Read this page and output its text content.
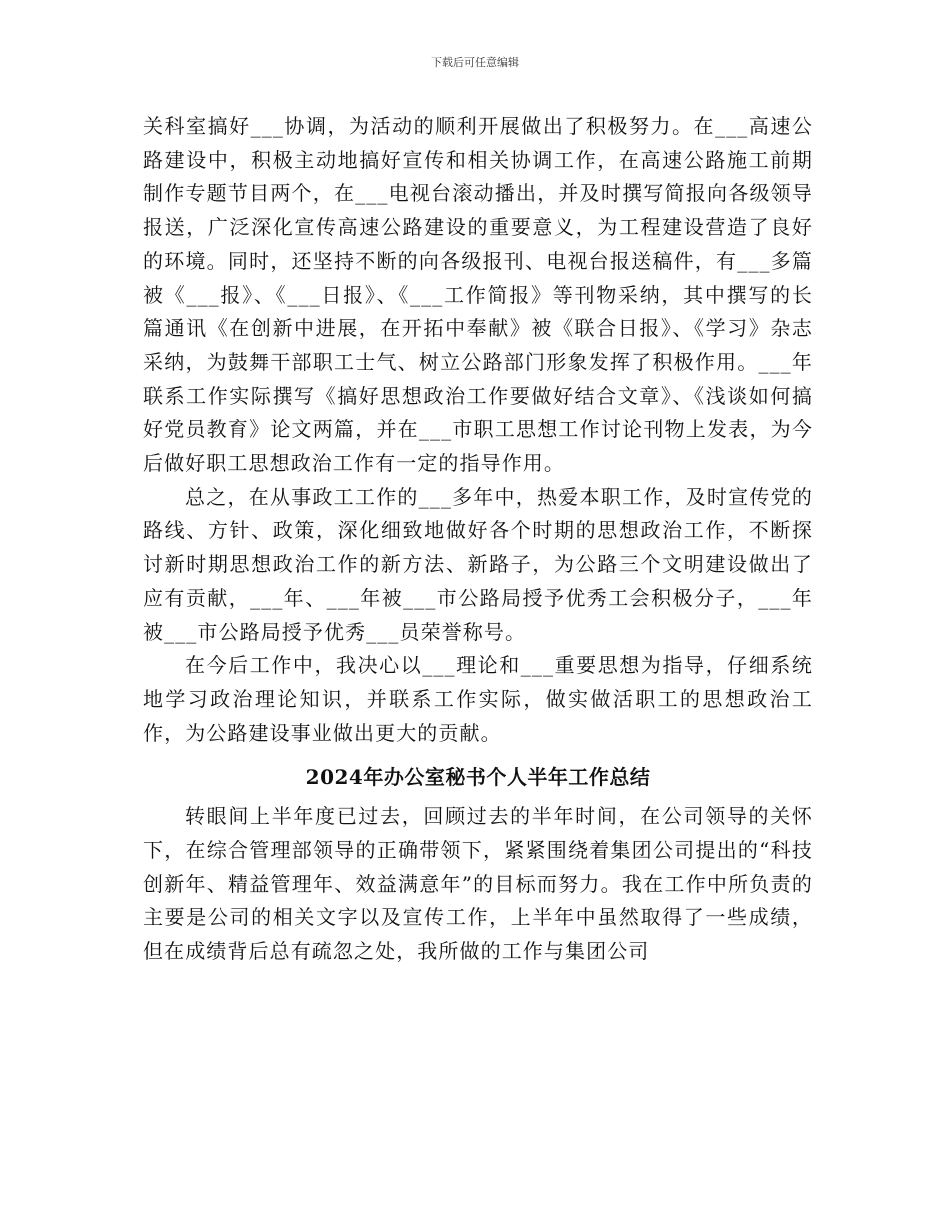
下载后可任意编辑

关科室搞好___协调，为活动的顺利开展做出了积极努力。在___高速公路建设中，积极主动地搞好宣传和相关协调工作，在高速公路施工前期制作专题节目两个，在___电视台滚动播出，并及时撰写简报向各级领导报送，广泛深化宣传高速公路建设的重要意义，为工程建设营造了良好的环境。同时，还坚持不断的向各级报刊、电视台报送稿件，有___多篇被《___报》、《___日报》、《___工作简报》等刊物采纳，其中撰写的长篇通讯《在创新中进展，在开拓中奉献》被《联合日报》、《学习》杂志采纳，为鼓舞干部职工士气、树立公路部门形象发挥了积极作用。___年联系工作实际撰写《搞好思想政治工作要做好结合文章》、《浅谈如何搞好党员教育》论文两篇，并在___市职工思想工作讨论刊物上发表，为今后做好职工思想政治工作有一定的指导作用。

总之，在从事政工工作的___多年中，热爱本职工作，及时宣传党的路线、方针、政策，深化细致地做好各个时期的思想政治工作，不断探讨新时期思想政治工作的新方法、新路子，为公路三个文明建设做出了应有贡献，___年、___年被___市公路局授予优秀工会积极分子，___年被___市公路局授予优秀___员荣誉称号。

在今后工作中，我决心以___理论和___重要思想为指导，仔细系统地学习政治理论知识，并联系工作实际，做实做活职工的思想政治工作，为公路建设事业做出更大的贡献。

2024年办公室秘书个人半年工作总结

转眼间上半年度已过去，回顾过去的半年时间，在公司领导的关怀下，在综合管理部领导的正确带领下，紧紧围绕着集团公司提出的“科技创新年、精益管理年、效益满意年”的目标而努力。我在工作中所负责的主要是公司的相关文字以及宣传工作，上半年中虽然取得了一些成绩，但在成绩背后总有疏忽之处，我所做的工作与集团公司
